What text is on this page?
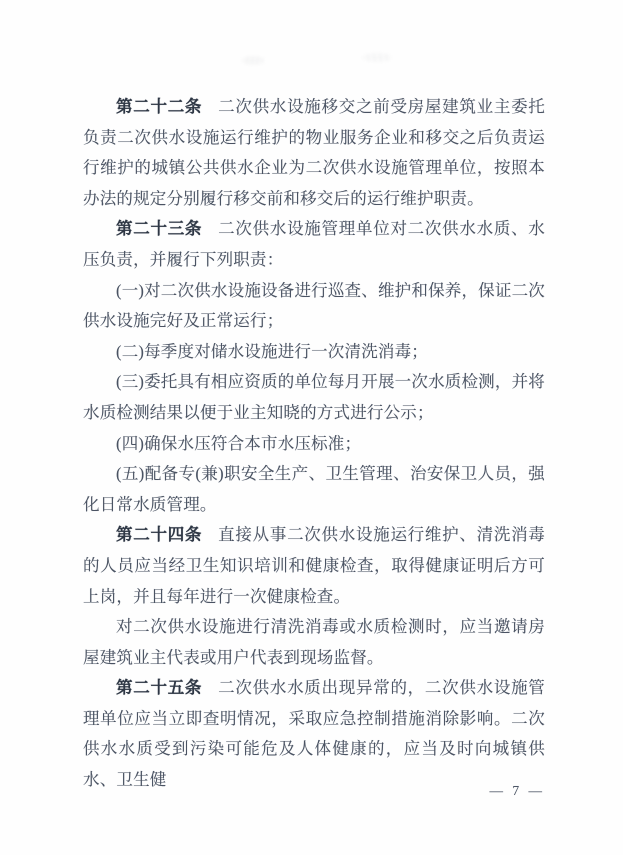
第二十二条 二次供水设施移交之前受房屋建筑业主委托负责二次供水设施运行维护的物业服务企业和移交之后负责运行维护的城镇公共供水企业为二次供水设施管理单位，按照本办法的规定分别履行移交前和移交后的运行维护职责。

第二十三条 二次供水设施管理单位对二次供水水质、水压负责，并履行下列职责：

(一)对二次供水设施设备进行巡查、维护和保养，保证二次供水设施完好及正常运行；

(二)每季度对储水设施进行一次清洗消毒；

(三)委托具有相应资质的单位每月开展一次水质检测，并将水质检测结果以便于业主知晓的方式进行公示；

(四)确保水压符合本市水压标准；

(五)配备专(兼)职安全生产、卫生管理、治安保卫人员，强化日常水质管理。

第二十四条 直接从事二次供水设施运行维护、清洗消毒的人员应当经卫生知识培训和健康检查，取得健康证明后方可上岗，并且每年进行一次健康检查。

对二次供水设施进行清洗消毒或水质检测时，应当邀请房屋建筑业主代表或用户代表到现场监督。

第二十五条 二次供水水质出现异常的，二次供水设施管理单位应当立即查明情况，采取应急控制措施消除影响。二次供水水质受到污染可能危及人体健康的，应当及时向城镇供水、卫生健

— 7 —
